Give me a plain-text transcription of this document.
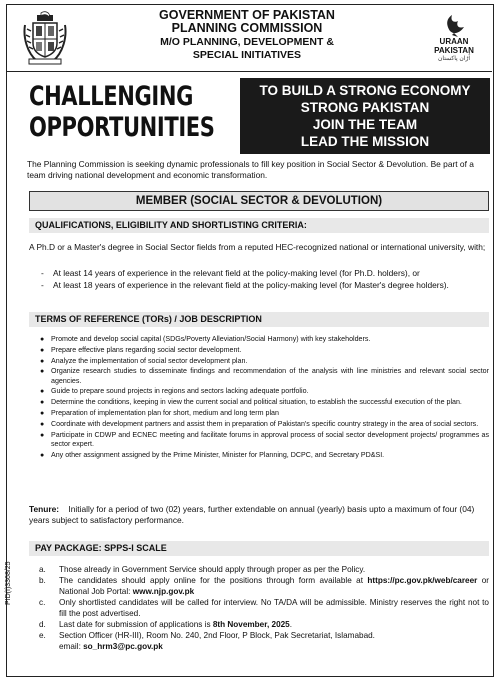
GOVERNMENT OF PAKISTAN
PLANNING COMMISSION
M/O PLANNING, DEVELOPMENT &
SPECIAL INITIATIVES
URAAN PAKISTAN
اُڑان پاکستان
CHALLENGING
OPPORTUNITIES
TO BUILD A STRONG ECONOMY
STRONG PAKISTAN
JOIN THE TEAM
LEAD THE MISSION

The Planning Commission is seeking dynamic professionals to fill key position in Social Sector & Devolution. Be part of a team driving national development and economic transformation.

MEMBER (SOCIAL SECTOR & DEVOLUTION)
QUALIFICATIONS, ELIGIBILITY AND SHORTLISTING CRITERIA:

A Ph.D or a Master's degree in Social Sector fields from a reputed HEC-recognized national or international university, with;

- At least 14 years of experience in the relevant field at the policy-making level (for Ph.D. holders), or
- At least 18 years of experience in the relevant field at the policy-making level (for Master's degree holders).
TERMS OF REFERENCE (TORs) / JOB DESCRIPTION
● Promote and develop social capital (SDGs/Poverty Alleviation/Social Harmony) with key stakeholders.
● Prepare effective plans regarding social sector development.
● Analyze the implementation of social sector development plan.
● Organize research studies to disseminate findings and recommendation of the analysis with line ministries and relevant social sector agencies.
● Guide to prepare sound projects in regions and sectors lacking adequate portfolio.
● Determine the conditions, keeping in view the current social and political situation, to establish the successful execution of the plan.
● Preparation of implementation plan for short, medium and long term plan
● Coordinate with development partners and assist them in preparation of Pakistan's specific country strategy in the area of social sectors.
● Participate in CDWP and ECNEC meeting and facilitate forums in approval process of social sector development projects/ programmes as sector expert.
● Any other assignment assigned by the Prime Minister, Minister for Planning, DCPC, and Secretary PD&SI.

Tenure: Initially for a period of two (02) years, further extendable on annual (yearly) basis upto a maximum of four (04) years subject to satisfactory performance.

PAY PACKAGE: SPPS-I SCALE
a. Those already in Government Service should apply through proper as per the Policy.
b. The candidates should apply online for the positions through form available at https://pc.gov.pk/web/career or National Job Portal: www.njp.gov.pk
c. Only shortlisted candidates will be called for interview. No TA/DA will be admissible. Ministry reserves the right not to fill the post advertised.
d. Last date for submission of applications is 8th November, 2025.
e. Section Officer (HR-III), Room No. 240, 2nd Floor, P Block, Pak Secretariat, Islamabad.
email: so_hrm3@pc.gov.pk
PID(I)3368/25
